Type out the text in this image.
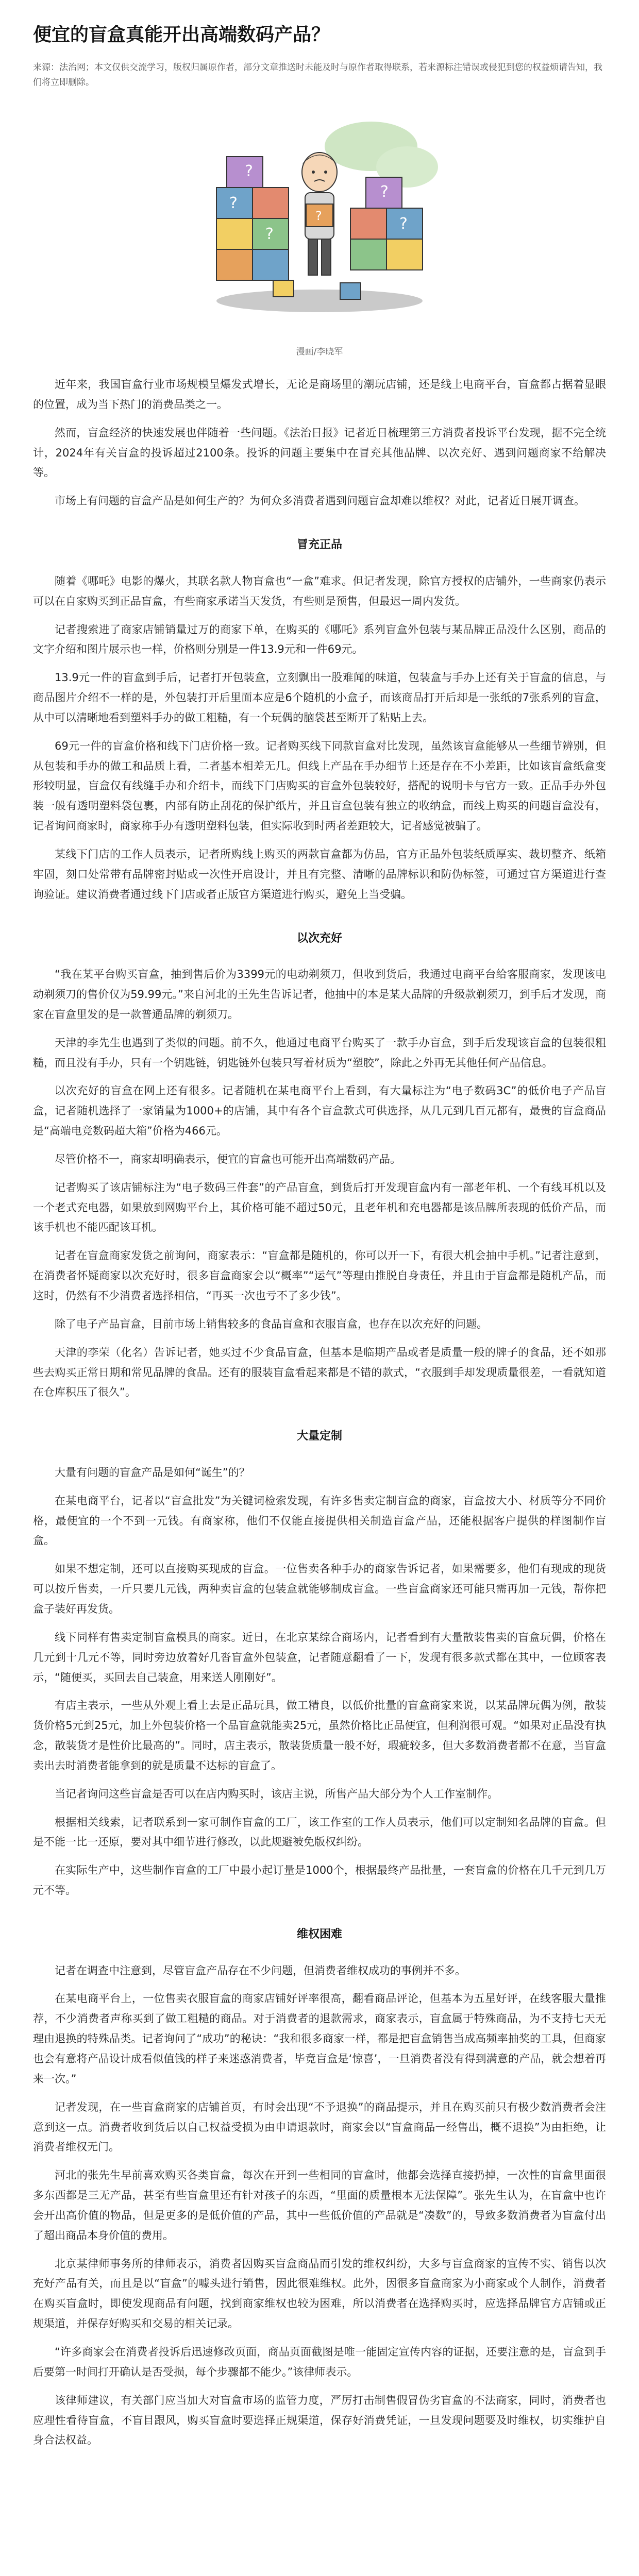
便宜的盲盒真能开出高端数码产品？
来源：法治网；本文仅供交流学习，版权归属原作者，部分文章推送时未能及时与原作者取得联系，若来源标注错误或侵犯到您的权益烦请告知，我们将立即删除。
?
?
?
?
?
?
漫画/李晓军

近年来，我国盲盒行业市场规模呈爆发式增长，无论是商场里的潮玩店铺，还是线上电商平台，盲盒都占据着显眼的位置，成为当下热门的消费品类之一。

然而，盲盒经济的快速发展也伴随着一些问题。《法治日报》记者近日梳理第三方消费者投诉平台发现，据不完全统计，2024年有关盲盒的投诉超过2100条。投诉的问题主要集中在冒充其他品牌、以次充好、遇到问题商家不给解决等。

市场上有问题的盲盒产品是如何生产的？为何众多消费者遇到问题盲盒却难以维权？对此，记者近日展开调查。

冒充正品

随着《哪吒》电影的爆火，其联名款人物盲盒也“一盒”难求。但记者发现，除官方授权的店铺外，一些商家仍表示可以在自家购买到正品盲盒，有些商家承诺当天发货，有些则是预售，但最迟一周内发货。

记者搜索进了商家店铺销量过万的商家下单，在购买的《哪吒》系列盲盒外包装与某品牌正品没什么区别，商品的文字介绍和图片展示也一样，价格则分别是一件13.9元和一件69元。

13.9元一件的盲盒到手后，记者打开包装盒，立刻飘出一股难闻的味道，包装盒与手办上还有关于盲盒的信息，与商品图片介绍不一样的是，外包装打开后里面本应是6个随机的小盒子，而该商品打开后却是一张纸的7张系列的盲盒，从中可以清晰地看到塑料手办的做工粗糙，有一个玩偶的脑袋甚至断开了粘贴上去。

69元一件的盲盒价格和线下门店价格一致。记者购买线下同款盲盒对比发现，虽然该盲盒能够从一些细节辨别，但从包装和手办的做工和品质上看，二者基本相差无几。但线上产品在手办细节上还是存在不小差距，比如该盲盒纸盒变形较明显，盲盒仅有线缝手办和介绍卡，而线下门店购买的盲盒外包装较好，搭配的说明卡与官方一致。正品手办外包装一般有透明塑料袋包裹，内部有防止刮花的保护纸片，并且盲盒包装有独立的收纳盒，而线上购买的问题盲盒没有，记者询问商家时，商家称手办有透明塑料包装，但实际收到时两者差距较大，记者感觉被骗了。

某线下门店的工作人员表示，记者所购线上购买的两款盲盒都为仿品，官方正品外包装纸质厚实、裁切整齐、纸箱牢固，刻口处常带有品牌密封贴或一次性开启设计，并且有完整、清晰的品牌标识和防伪标签，可通过官方渠道进行查询验证。建议消费者通过线下门店或者正版官方渠道进行购买，避免上当受骗。

以次充好

“我在某平台购买盲盒，抽到售后价为3399元的电动剃须刀，但收到货后，我通过电商平台给客服商家，发现该电动剃须刀的售价仅为59.99元。”来自河北的王先生告诉记者，他抽中的本是某大品牌的升级款剃须刀，到手后才发现，商家在盲盒里发的是一款普通品牌的剃须刀。

天津的李先生也遇到了类似的问题。前不久，他通过电商平台购买了一款手办盲盒，到手后发现该盲盒的包装很粗糙，而且没有手办，只有一个钥匙链，钥匙链外包装只写着材质为“塑胶”，除此之外再无其他任何产品信息。

以次充好的盲盒在网上还有很多。记者随机在某电商平台上看到，有大量标注为“电子数码3C”的低价电子产品盲盒，记者随机选择了一家销量为1000+的店铺，其中有各个盲盒款式可供选择，从几元到几百元都有，最贵的盲盒商品是“高端电竞数码超大箱”价格为466元。

尽管价格不一，商家却明确表示，便宜的盲盒也可能开出高端数码产品。

记者购买了该店铺标注为“电子数码三件套”的产品盲盒，到货后打开发现盲盒内有一部老年机、一个有线耳机以及一个老式充电器，如果放到网购平台上，其价格可能不超过50元，且老年机和充电器都是该品牌所表现的低价产品，而该手机也不能匹配该耳机。

记者在盲盒商家发货之前询问，商家表示：“盲盒都是随机的，你可以开一下，有很大机会抽中手机。”记者注意到，在消费者怀疑商家以次充好时，很多盲盒商家会以“概率”“运气”等理由推脱自身责任，并且由于盲盒都是随机产品，而这时，仍然有不少消费者选择相信，“再买一次也亏不了多少钱”。

除了电子产品盲盒，目前市场上销售较多的食品盲盒和衣服盲盒，也存在以次充好的问题。

天津的李荣（化名）告诉记者，她买过不少食品盲盒，但基本是临期产品或者是质量一般的牌子的食品，还不如那些去购买正常日期和常见品牌的食品。还有的服装盲盒看起来都是不错的款式，“衣服到手却发现质量很差，一看就知道在仓库积压了很久”。

大量定制

大量有问题的盲盒产品是如何“诞生”的？

在某电商平台，记者以“盲盒批发”为关键词检索发现，有许多售卖定制盲盒的商家，盲盒按大小、材质等分不同价格，最便宜的一个不到一元钱。有商家称，他们不仅能直接提供相关制造盲盒产品，还能根据客户提供的样图制作盲盒。

如果不想定制，还可以直接购买现成的盲盒。一位售卖各种手办的商家告诉记者，如果需要多，他们有现成的现货可以按斤售卖，一斤只要几元钱，两种卖盲盒的包装盒就能够制成盲盒。一些盲盒商家还可能只需再加一元钱，帮你把盒子装好再发货。

线下同样有售卖定制盲盒模具的商家。近日，在北京某综合商场内，记者看到有大量散装售卖的盲盒玩偶，价格在几元到十几元不等，同时旁边放着好几沓盲盒外包装盒，记者随意翻看了一下，发现有很多款式都在其中，一位顾客表示，“随便买，买回去自己装盒，用来送人刚刚好”。

有店主表示，一些从外观上看上去是正品玩具，做工精良，以低价批量的盲盒商家来说，以某品牌玩偶为例，散装货价格5元到25元，加上外包装价格一个品盲盒就能卖25元，虽然价格比正品便宜，但利润很可观。“如果对正品没有执念，散装货才是性价比最高的”。同时，店主表示，散装货质量一般不好，瑕疵较多，但大多数消费者都不在意，当盲盒卖出去时消费者能拿到的就是质量不达标的盲盒了。

当记者询问这些盲盒是否可以在店内购买时，该店主说，所售产品大部分为个人工作室制作。

根据相关线索，记者联系到一家可制作盲盒的工厂，该工作室的工作人员表示，他们可以定制知名品牌的盲盒。但是不能一比一还原，要对其中细节进行修改，以此规避被免版权纠纷。

在实际生产中，这些制作盲盒的工厂中最小起订量是1000个，根据最终产品批量，一套盲盒的价格在几千元到几万元不等。

维权困难

记者在调查中注意到，尽管盲盒产品存在不少问题，但消费者维权成功的事例并不多。

在某电商平台上，一位售卖衣服盲盒的商家店铺好评率很高，翻看商品评论，但基本为五星好评，在线客服大量推荐，不少消费者声称买到了做工粗糙的商品。对于消费者的退款需求，商家表示，盲盒属于特殊商品，为不支持七天无理由退换的特殊品类。记者询问了“成功”的秘诀：“我和很多商家一样，都是把盲盒销售当成高频率抽奖的工具，但商家也会有意将产品设计成看似值钱的样子来迷惑消费者，毕竟盲盒是‘惊喜’，一旦消费者没有得到满意的产品，就会想着再来一次。”

记者发现，在一些盲盒商家的店铺首页，有时会出现“不予退换”的商品提示，并且在购买前只有极少数消费者会注意到这一点。消费者收到货后以自己权益受损为由申请退款时，商家会以“盲盒商品一经售出，概不退换”为由拒绝，让消费者维权无门。

河北的张先生早前喜欢购买各类盲盒，每次在开到一些相同的盲盒时，他都会选择直接扔掉，一次性的盲盒里面很多东西都是三无产品，甚至有些盲盒里还有针对孩子的东西，“里面的质量根本无法保障”。张先生认为，在盲盒中也许会开出高价值的物品，但是更多的是低价值的产品，其中一些低价值的产品就是“凑数”的，导致多数消费者为盲盒付出了超出商品本身价值的费用。

北京某律师事务所的律师表示，消费者因购买盲盒商品而引发的维权纠纷，大多与盲盒商家的宣传不实、销售以次充好产品有关，而且是以“盲盒”的噱头进行销售，因此很难维权。此外，因很多盲盒商家为小商家或个人制作，消费者在购买盲盒时，即使发现商品有问题，找到商家维权也较为困难，所以消费者在选择购买时，应选择品牌官方店铺或正规渠道，并保存好购买和交易的相关记录。

“许多商家会在消费者投诉后迅速修改页面，商品页面截图是唯一能固定宣传内容的证据，还要注意的是，盲盒到手后要第一时间打开确认是否受损，每个步骤都不能少。”该律师表示。

该律师建议，有关部门应当加大对盲盒市场的监管力度，严厉打击制售假冒伪劣盲盒的不法商家，同时，消费者也应理性看待盲盒，不盲目跟风，购买盲盒时要选择正规渠道，保存好消费凭证，一旦发现问题要及时维权，切实维护自身合法权益。
